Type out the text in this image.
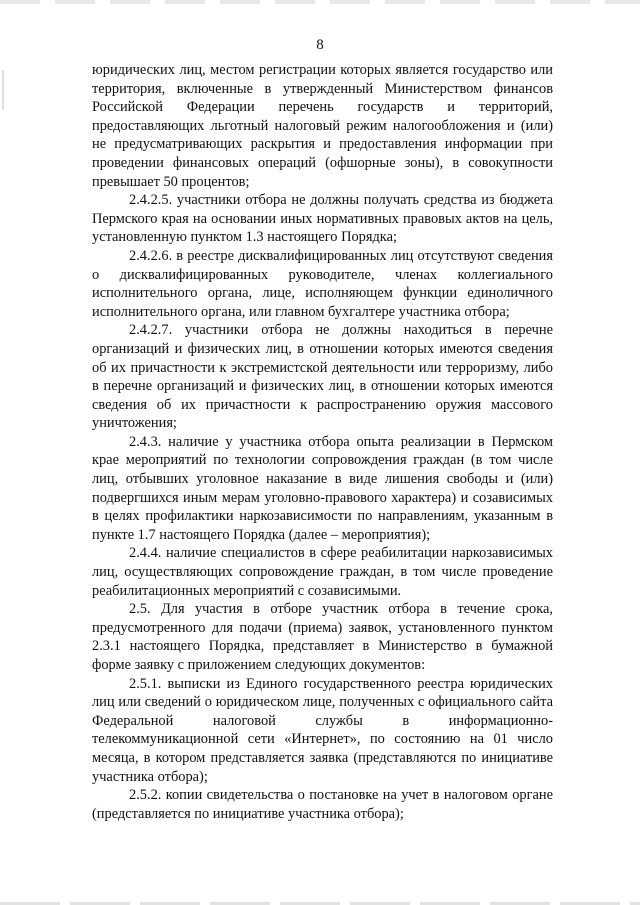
8

юридических лиц, местом регистрации которых является государство или территория, включенные в утвержденный Министерством финансов Российской Федерации перечень государств и территорий, предоставляющих льготный налоговый режим налогообложения и (или) не предусматривающих раскрытия и предоставления информации при проведении финансовых операций (офшорные зоны), в совокупности превышает 50 процентов;

2.4.2.5. участники отбора не должны получать средства из бюджета Пермского края на основании иных нормативных правовых актов на цель, установленную пунктом 1.3 настоящего Порядка;

2.4.2.6. в реестре дисквалифицированных лиц отсутствуют сведения о дисквалифицированных руководителе, членах коллегиального исполнительного органа, лице, исполняющем функции единоличного исполнительного органа, или главном бухгалтере участника отбора;

2.4.2.7. участники отбора не должны находиться в перечне организаций и физических лиц, в отношении которых имеются сведения об их причастности к экстремистской деятельности или терроризму, либо в перечне организаций и физических лиц, в отношении которых имеются сведения об их причастности к распространению оружия массового уничтожения;

2.4.3. наличие у участника отбора опыта реализации в Пермском крае мероприятий по технологии сопровождения граждан (в том числе лиц, отбывших уголовное наказание в виде лишения свободы и (или) подвергшихся иным мерам уголовно-правового характера) и созависимых в целях профилактики наркозависимости по направлениям, указанным в пункте 1.7 настоящего Порядка (далее – мероприятия);

2.4.4. наличие специалистов в сфере реабилитации наркозависимых лиц, осуществляющих сопровождение граждан, в том числе проведение реабилитационных мероприятий с созависимыми.

2.5. Для участия в отборе участник отбора в течение срока, предусмотренного для подачи (приема) заявок, установленного пунктом 2.3.1 настоящего Порядка, представляет в Министерство в бумажной форме заявку с приложением следующих документов:

2.5.1. выписки из Единого государственного реестра юридических лиц или сведений о юридическом лице, полученных с официального сайта Федеральной налоговой службы в информационно-телекоммуникационной сети «Интернет», по состоянию на 01 число месяца, в котором представляется заявка (представляются по инициативе участника отбора);

2.5.2. копии свидетельства о постановке на учет в налоговом органе (представляется по инициативе участника отбора);
